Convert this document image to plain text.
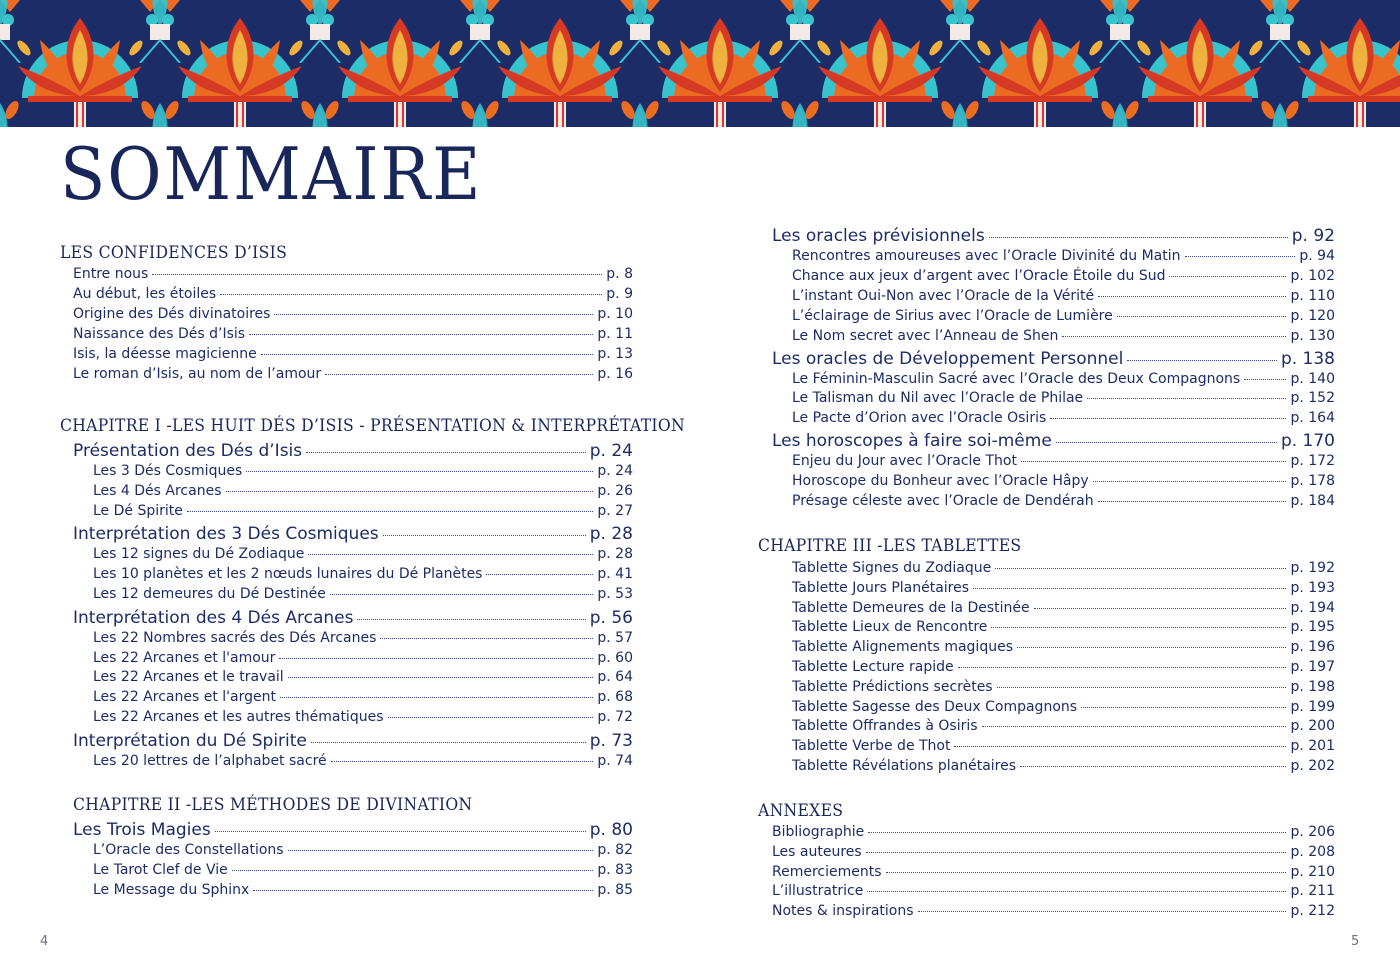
SOMMAIRE
LES CONFIDENCES D’ISIS
Entre nous	p. 8
Au début, les étoiles	p. 9
Origine des Dés divinatoires	p. 10
Naissance des Dés d’Isis	p. 11
Isis, la déesse magicienne	p. 13
Le roman d’Isis, au nom de l’amour	p. 16
CHAPITRE I -LES HUIT DÉS D’ISIS - PRÉSENTATION & INTERPRÉTATION
Présentation des Dés d’Isis	p. 24
Les 3 Dés Cosmiques	p. 24
Les 4 Dés Arcanes	p. 26
Le Dé Spirite	p. 27
Interprétation des 3 Dés Cosmiques	p. 28
Les 12 signes du Dé Zodiaque	p. 28
Les 10 planètes et les 2 nœuds lunaires du Dé Planètes	p. 41
Les 12 demeures du Dé Destinée	p. 53
Interprétation des 4 Dés Arcanes	p. 56
Les 22 Nombres sacrés des Dés Arcanes	p. 57
Les 22 Arcanes et l'amour	p. 60
Les 22 Arcanes et le travail	p. 64
Les 22 Arcanes et l'argent	p. 68
Les 22 Arcanes et les autres thématiques	p. 72
Interprétation du Dé Spirite	p. 73
Les 20 lettres de l’alphabet sacré	p. 74
CHAPITRE II -LES MÉTHODES DE DIVINATION
Les Trois Magies	p. 80
L’Oracle des Constellations	p. 82
Le Tarot Clef de Vie	p. 83
Le Message du Sphinx	p. 85
Les oracles prévisionnels	p. 92
Rencontres amoureuses avec l’Oracle Divinité du Matin	p. 94
Chance aux jeux d’argent avec l’Oracle Étoile du Sud	p. 102
L’instant Oui-Non avec l’Oracle de la Vérité	p. 110
L’éclairage de Sirius avec l’Oracle de Lumière	p. 120
Le Nom secret avec l’Anneau de Shen	p. 130
Les oracles de Développement Personnel	p. 138
Le Féminin-Masculin Sacré avec l’Oracle des Deux Compagnons	p. 140
Le Talisman du Nil avec l’Oracle de Philae	p. 152
Le Pacte d’Orion avec l’Oracle Osiris	p. 164
Les horoscopes à faire soi-même	p. 170
Enjeu du Jour avec l’Oracle Thot	p. 172
Horoscope du Bonheur avec l’Oracle Hâpy	p. 178
Présage céleste avec l’Oracle de Dendérah	p. 184
CHAPITRE III -LES TABLETTES
Tablette Signes du Zodiaque	p. 192
Tablette Jours Planétaires	p. 193
Tablette Demeures de la Destinée	p. 194
Tablette Lieux de Rencontre	p. 195
Tablette Alignements magiques	p. 196
Tablette Lecture rapide	p. 197
Tablette Prédictions secrètes	p. 198
Tablette Sagesse des Deux Compagnons	p. 199
Tablette Offrandes à Osiris	p. 200
Tablette Verbe de Thot	p. 201
Tablette Révélations planétaires	p. 202
ANNEXES
Bibliographie	p. 206
Les auteures	p. 208
Remerciements	p. 210
L’illustratrice	p. 211
Notes & inspirations	p. 212
4	5
